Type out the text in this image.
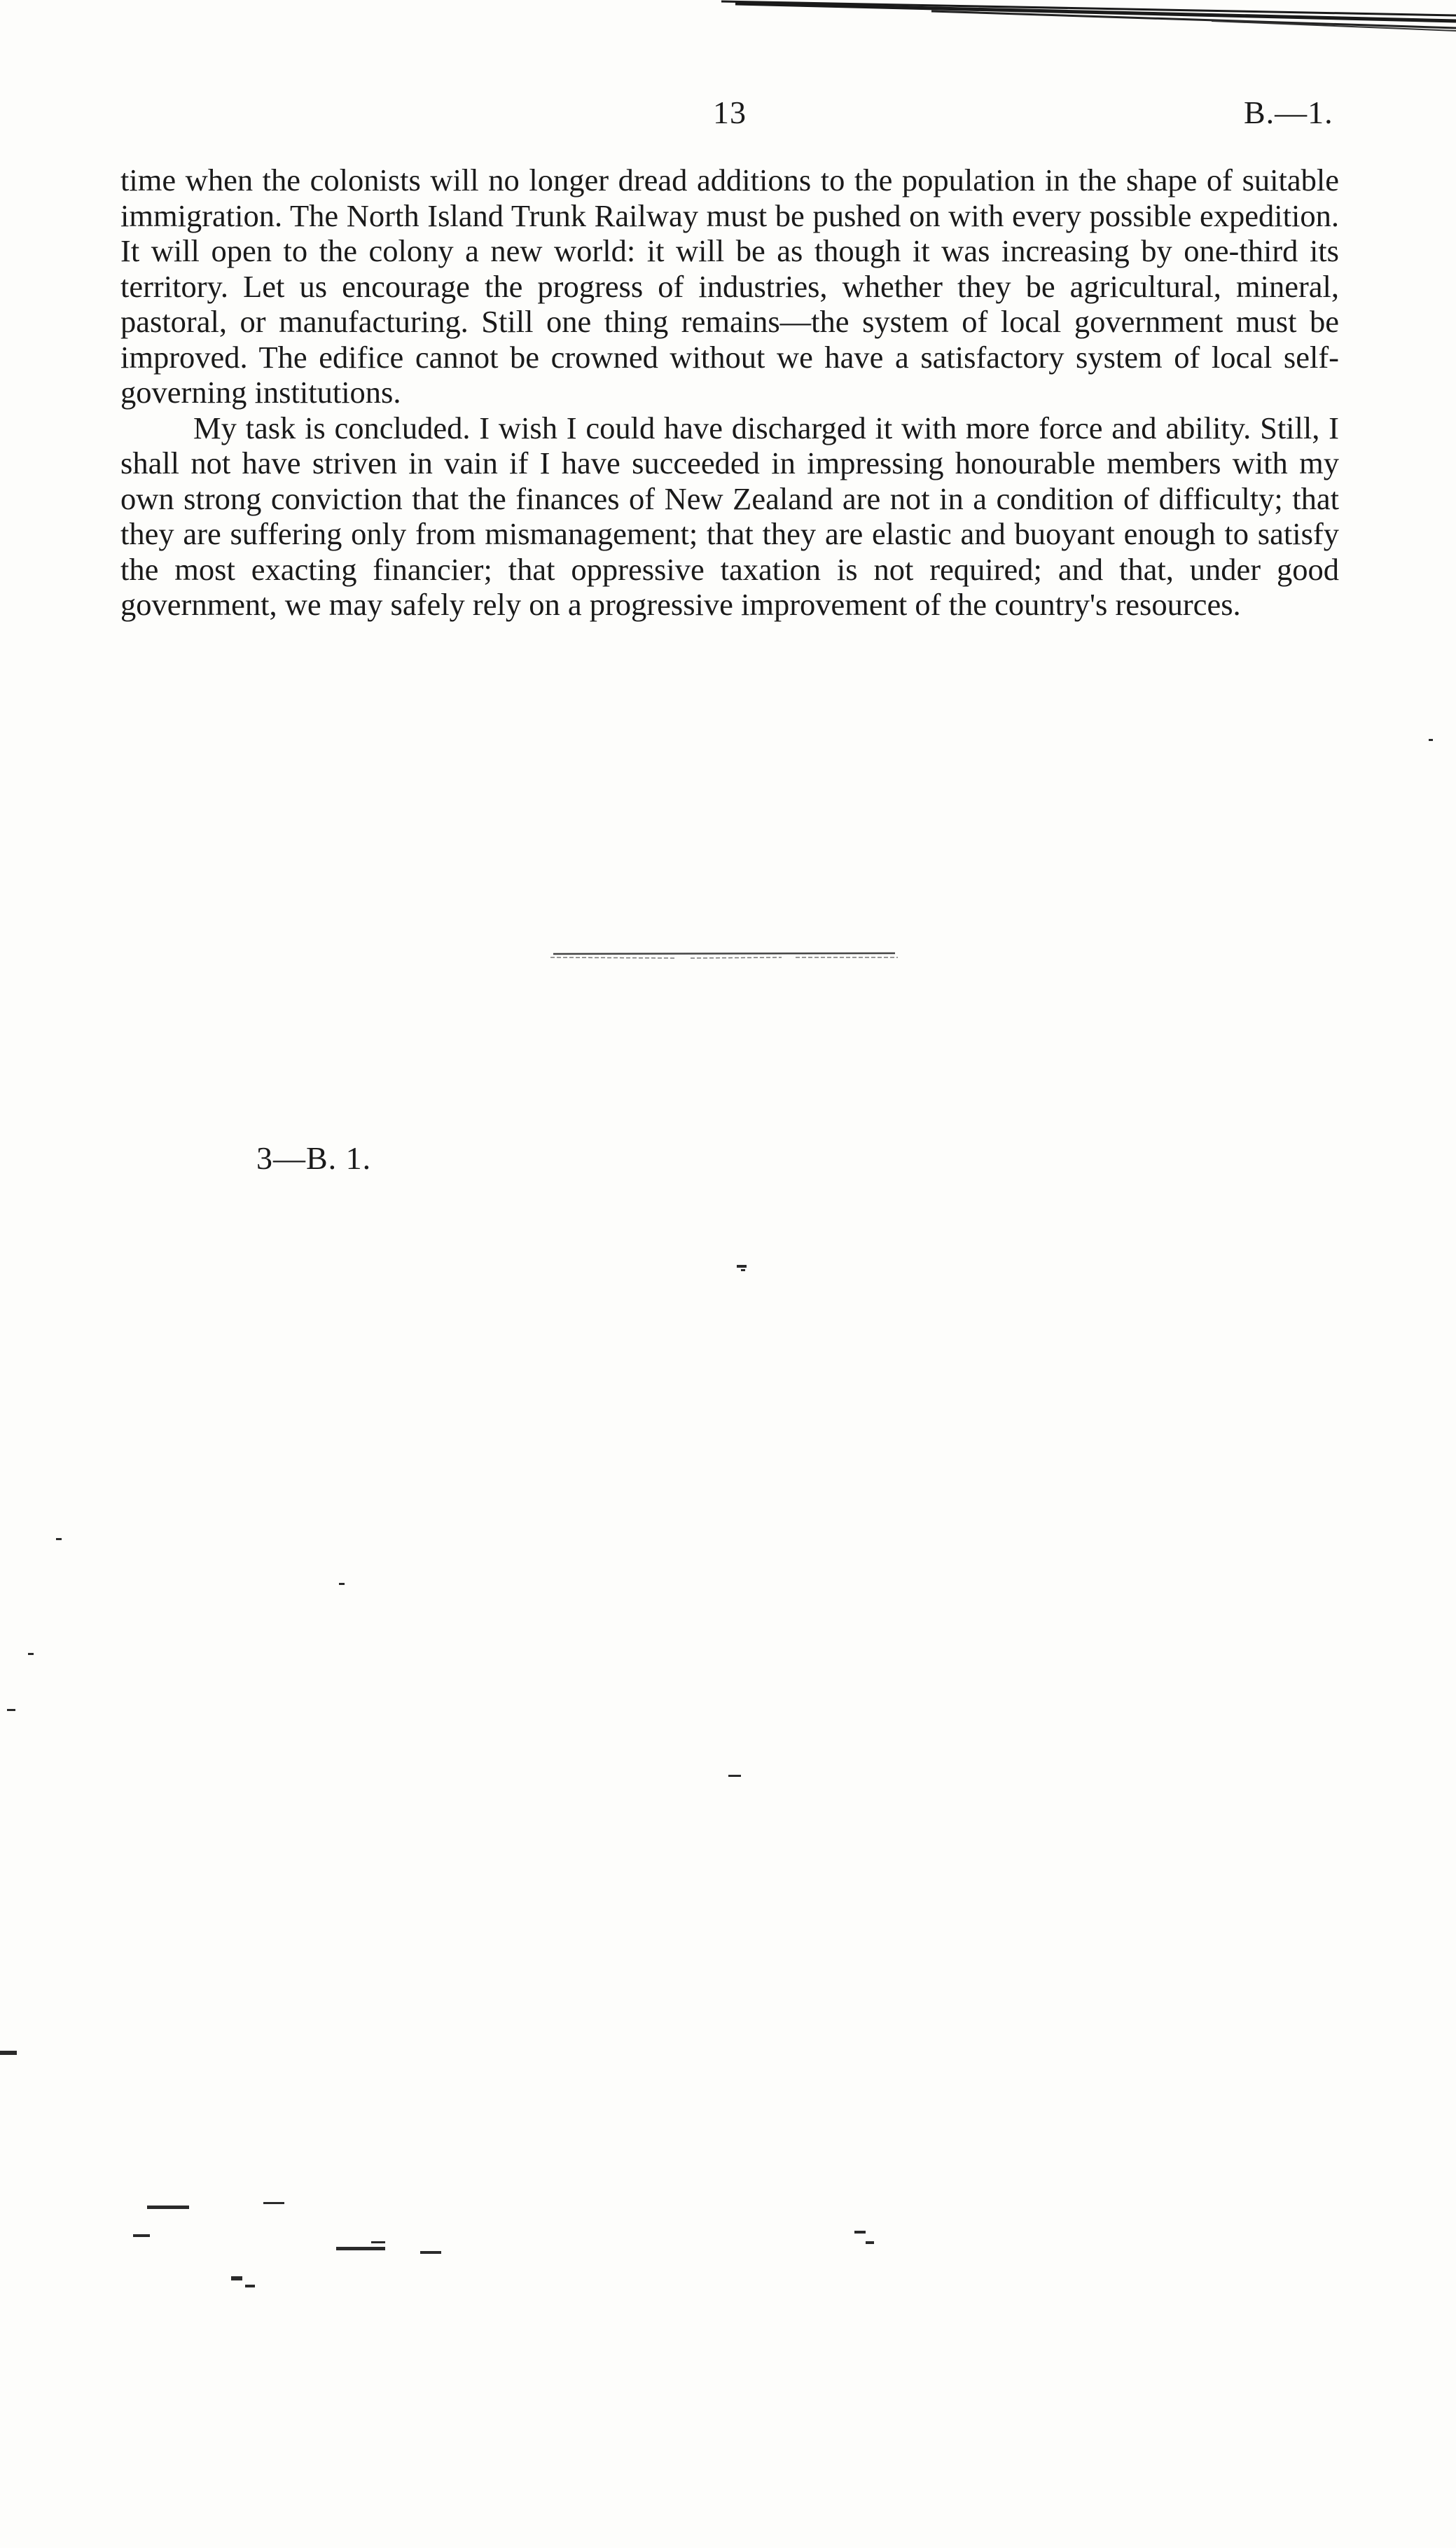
13	B.—1.

time when the colonists will no longer dread additions to the population in the shape of suitable immigration. The North Island Trunk Railway must be pushed on with every possible expedition. It will open to the colony a new world: it will be as though it was increasing by one-third its territory. Let us encourage the progress of industries, whether they be agricultural, mineral, pastoral, or manufacturing. Still one thing remains—the system of local government must be improved. The edifice cannot be crowned without we have a satisfactory system of local self-governing institutions.

My task is concluded. I wish I could have discharged it with more force and ability. Still, I shall not have striven in vain if I have succeeded in impressing honourable members with my own strong conviction that the finances of New Zealand are not in a condition of difficulty; that they are suffering only from mismanagement; that they are elastic and buoyant enough to satisfy the most exacting financier; that oppressive taxation is not required; and that, under good government, we may safely rely on a progressive improvement of the country's resources.

3—B. 1.
